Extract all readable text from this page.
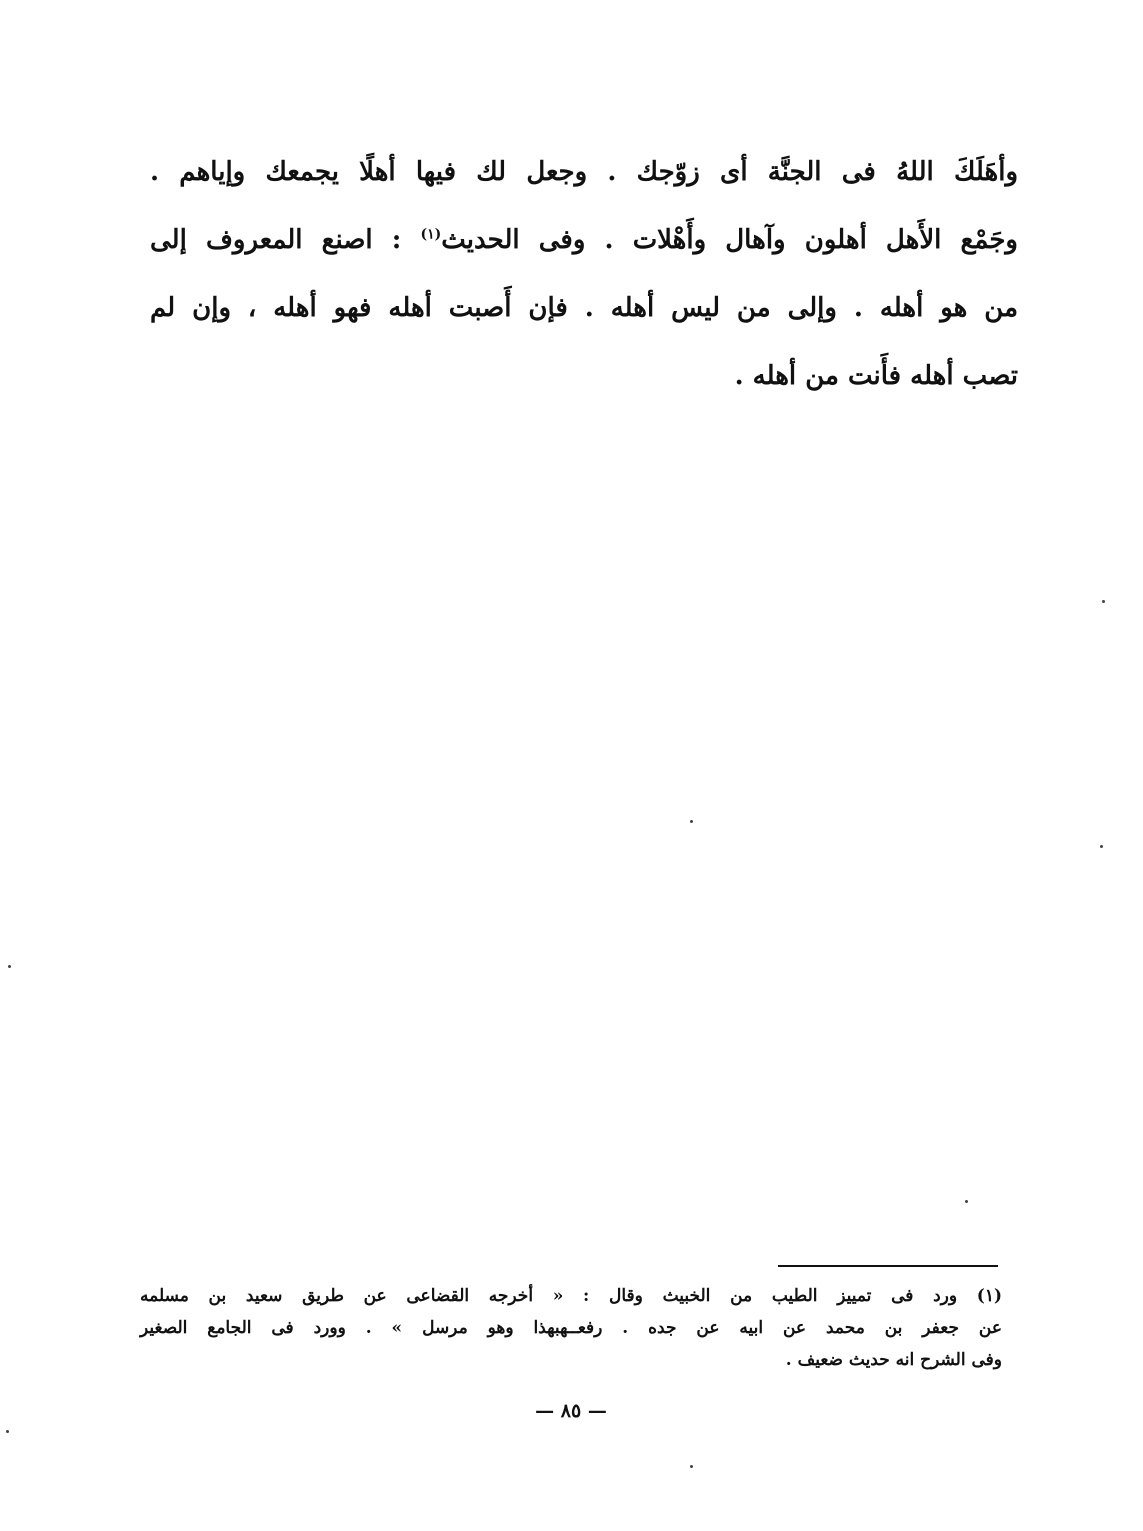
وأهَلَكَ اللهُ فى الجنَّة أى زوّجك . وجعل لك فيها أهلًا يجمعك وإياهم .
وجَمْع الأَهل أهلون وآهال وأَهْلات . وفى الحديث$^{(١)}$ : اصنع المعروف إلى
من هو أهله . وإلى من ليس أهله . فإن أَصبت أهله فهو أهله ، وإن لم
تصب أهله فأَنت من أهله .
(١) ورد فى تمييز الطيب من الخبيث وقال : « أخرجه القضاعى عن طريق سعيد بن مسلمه
عن جعفر بن محمد عن ابيه عن جده . رفعــهبهذا وهو مرسل » . وورد فى الجامع الصغير
وفى الشرح انه حديث ضعيف .
— ٨٥ —
